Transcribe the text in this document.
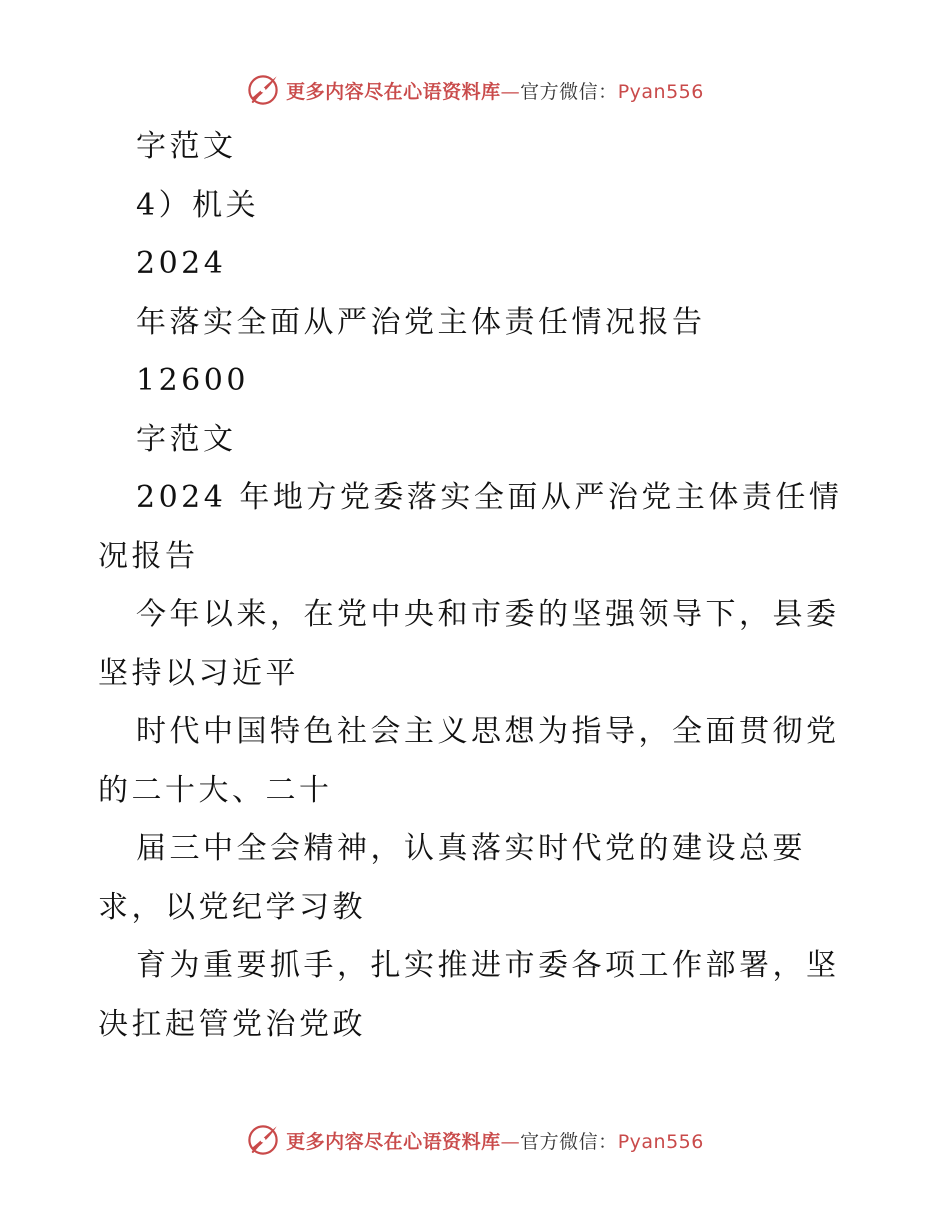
更多内容尽在心语资料库—官方微信：Pyan556

字范文

4）机关

2024

年落实全面从严治党主体责任情况报告

12600

字范文

2024 年地方党委落实全面从严治党主体责任情况报告

今年以来，在党中央和市委的坚强领导下，县委坚持以习近平

时代中国特色社会主义思想为指导，全面贯彻党的二十大、二十

届三中全会精神，认真落实时代党的建设总要求，以党纪学习教

育为重要抓手，扎实推进市委各项工作部署，坚决扛起管党治党政

更多内容尽在心语资料库—官方微信：Pyan556
